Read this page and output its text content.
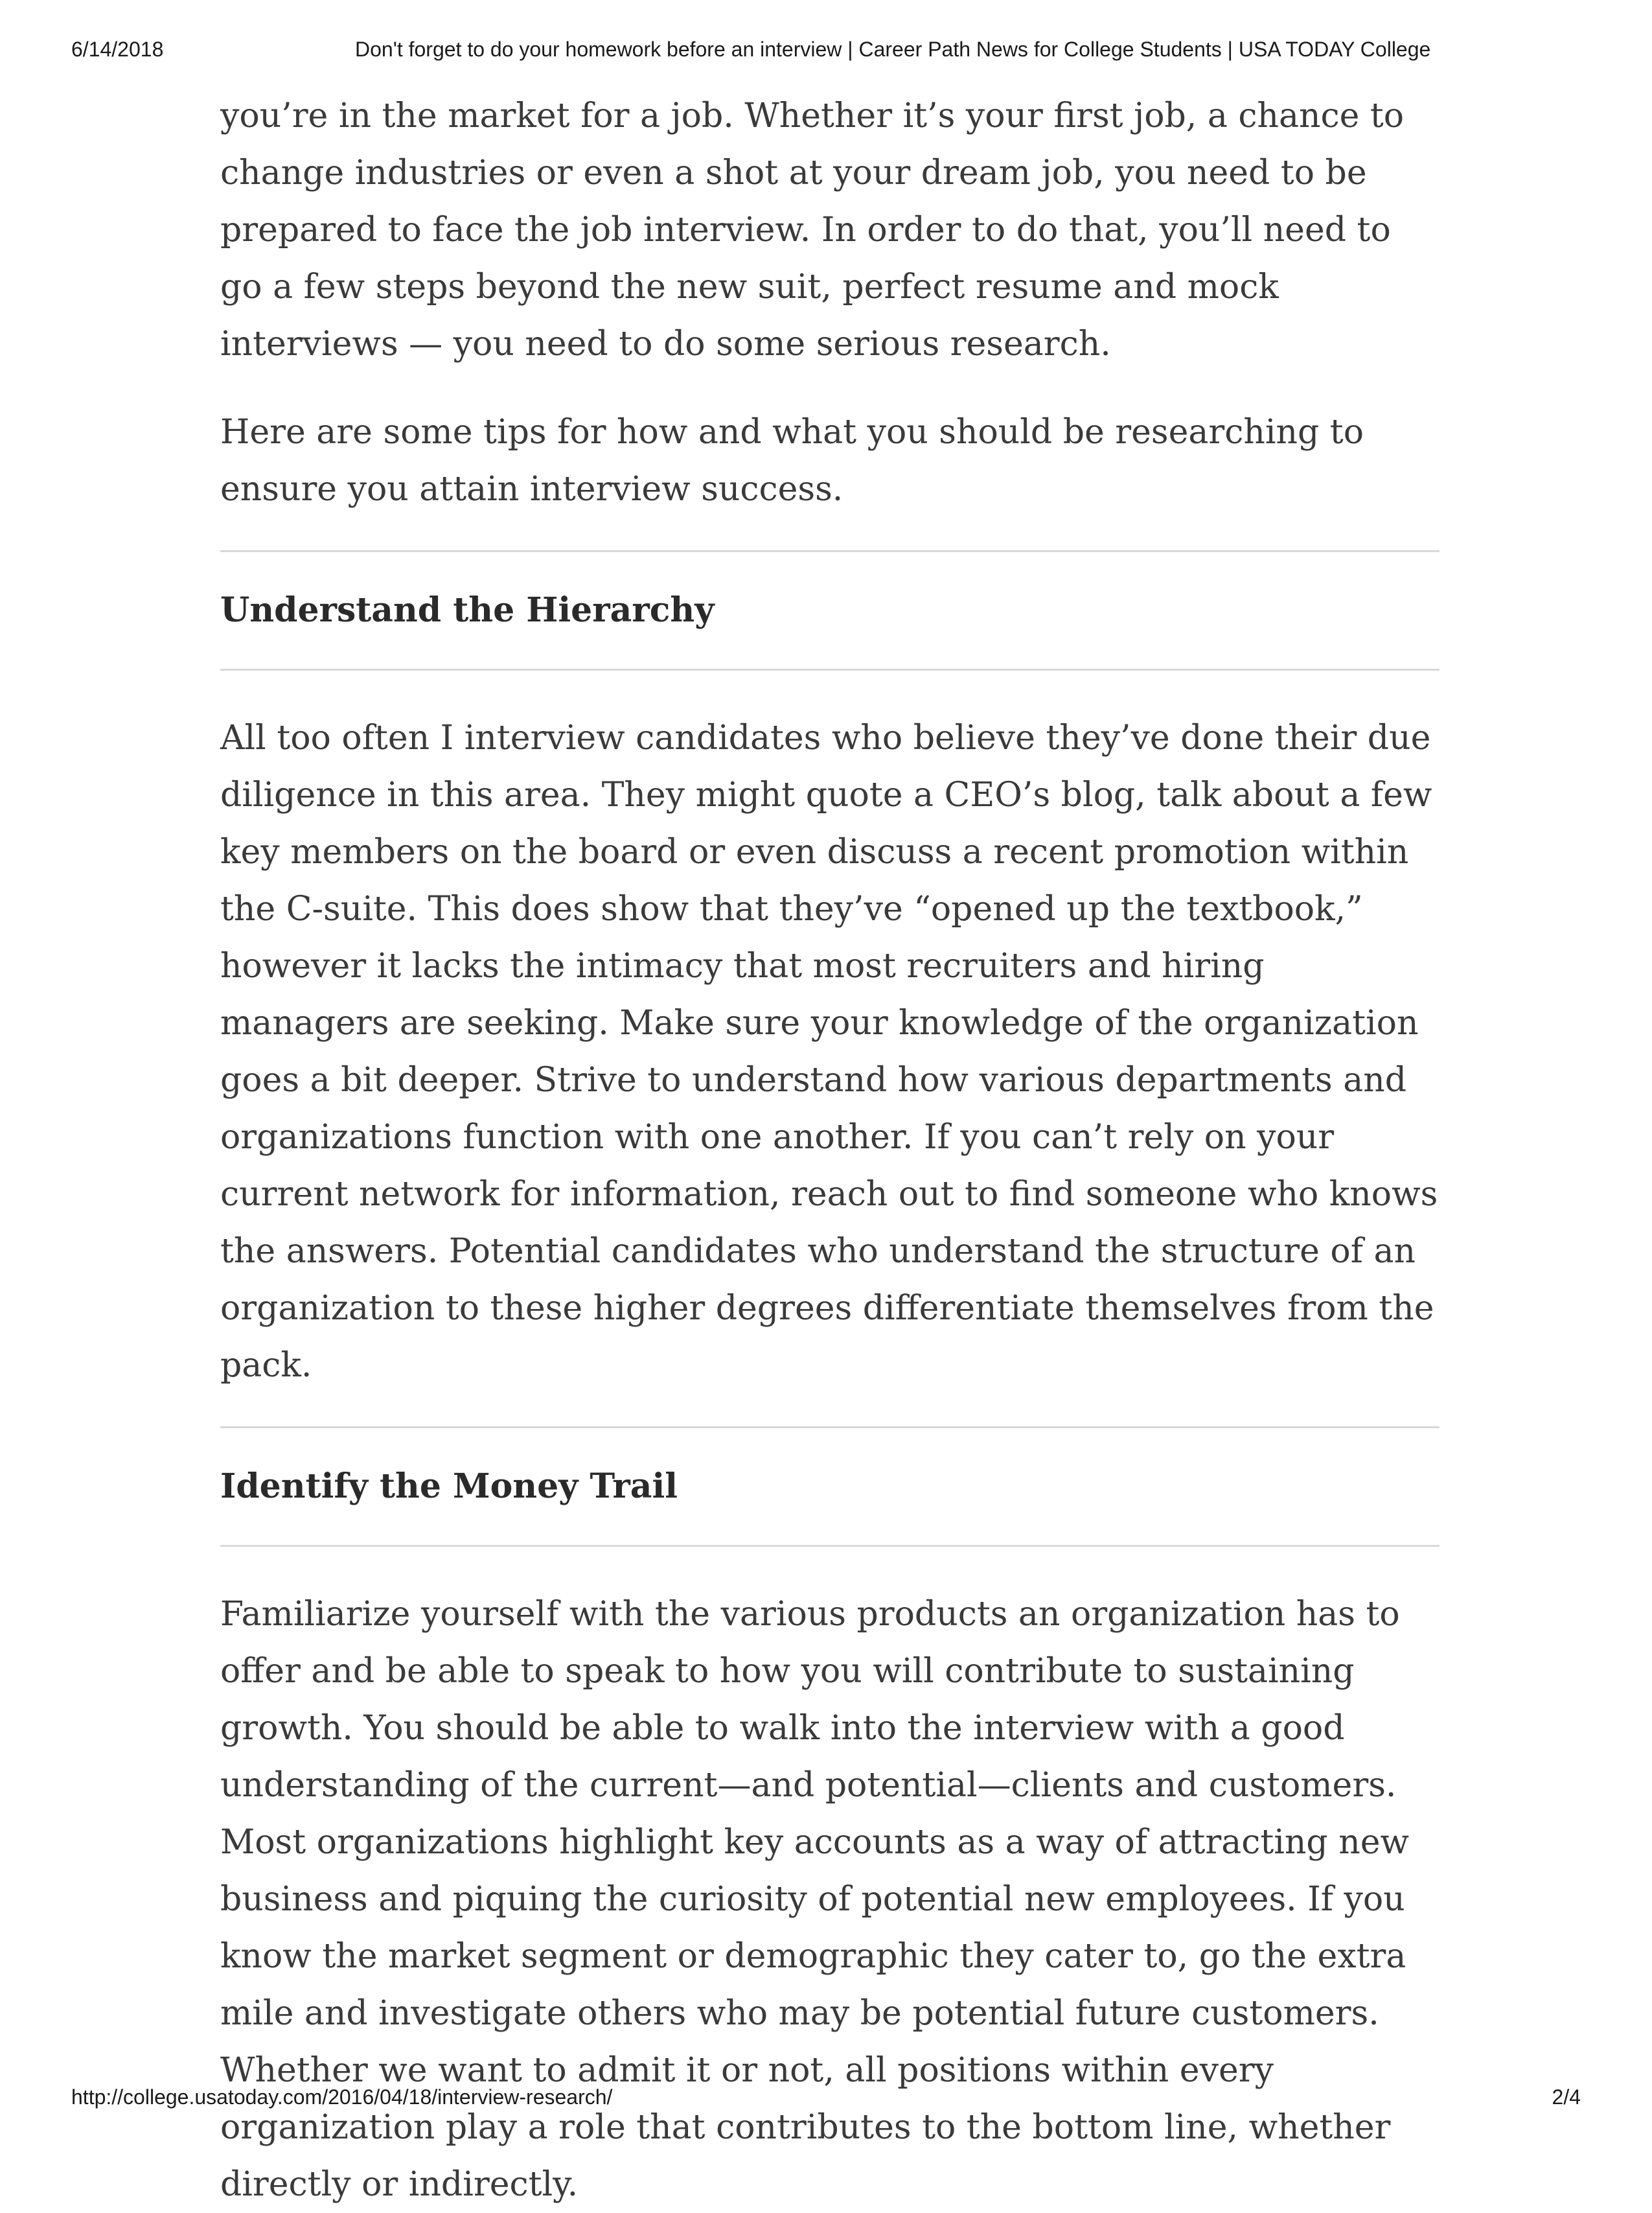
6/14/2018	Don't forget to do your homework before an interview | Career Path News for College Students | USA TODAY College

you’re in the market for a job. Whether it’s your first job, a chance to change industries or even a shot at your dream job, you need to be prepared to face the job interview. In order to do that, you’ll need to go a few steps beyond the new suit, perfect resume and mock interviews — you need to do some serious research.

Here are some tips for how and what you should be researching to ensure you attain interview success.

Understand the Hierarchy

All too often I interview candidates who believe they’ve done their due diligence in this area. They might quote a CEO’s blog, talk about a few key members on the board or even discuss a recent promotion within the C-suite. This does show that they’ve “opened up the textbook,” however it lacks the intimacy that most recruiters and hiring managers are seeking. Make sure your knowledge of the organization goes a bit deeper. Strive to understand how various departments and organizations function with one another. If you can’t rely on your current network for information, reach out to find someone who knows the answers. Potential candidates who understand the structure of an organization to these higher degrees differentiate themselves from the pack.

Identify the Money Trail

Familiarize yourself with the various products an organization has to offer and be able to speak to how you will contribute to sustaining growth. You should be able to walk into the interview with a good understanding of the current—and potential—clients and customers. Most organizations highlight key accounts as a way of attracting new business and piquing the curiosity of potential new employees. If you know the market segment or demographic they cater to, go the extra mile and investigate others who may be potential future customers. Whether we want to admit it or not, all positions within every organization play a role that contributes to the bottom line, whether directly or indirectly.

http://college.usatoday.com/2016/04/18/interview-research/	2/4
